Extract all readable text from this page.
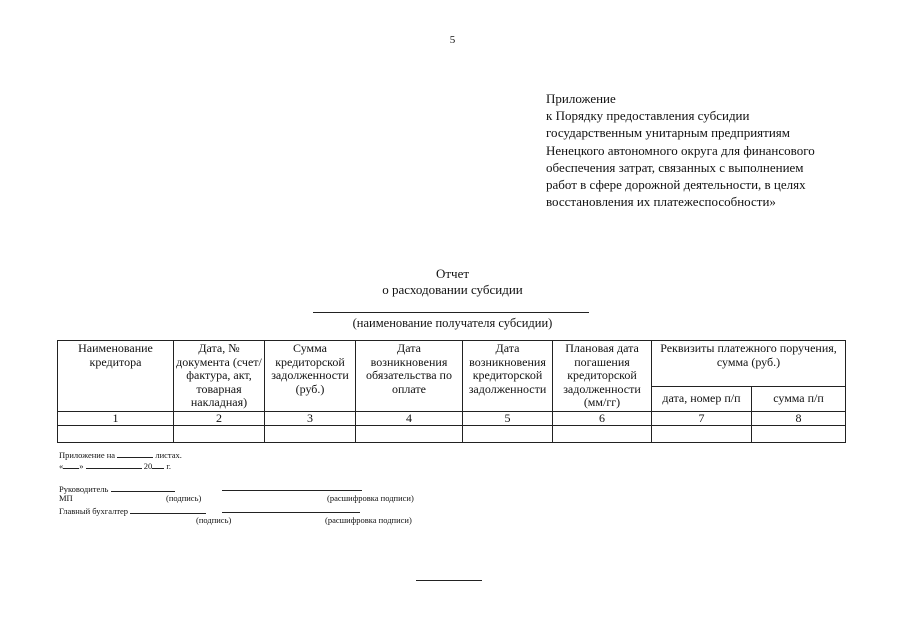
5
Приложение
к Порядку предоставления субсидии
государственным унитарным предприятиям
Ненецкого автономного округа для финансового
обеспечения затрат, связанных с выполнением
работ в сфере дорожной деятельности, в целях
восстановления их платежеспособности»
Отчет
о расходовании субсидии
(наименование получателя субсидии)
Наименование кредитора	Дата, № документа (счет/фактура, акт, товарная накладная)	Сумма кредиторской задолженности (руб.)	Дата возникновения обязательства по оплате	Дата возникновения кредиторской задолженности	Плановая дата погашения кредиторской задолженности (мм/гг)	Реквизиты платежного поручения, сумма (руб.)	
						дата, номер п/п	сумма п/п
1	2	3	4	5	6	7	8

Приложение на	листах.
« »	20 г.
Руководитель
МП	(подпись)	(расшифровка подписи)
Главный бухгалтер
(подпись)	(расшифровка подписи)
